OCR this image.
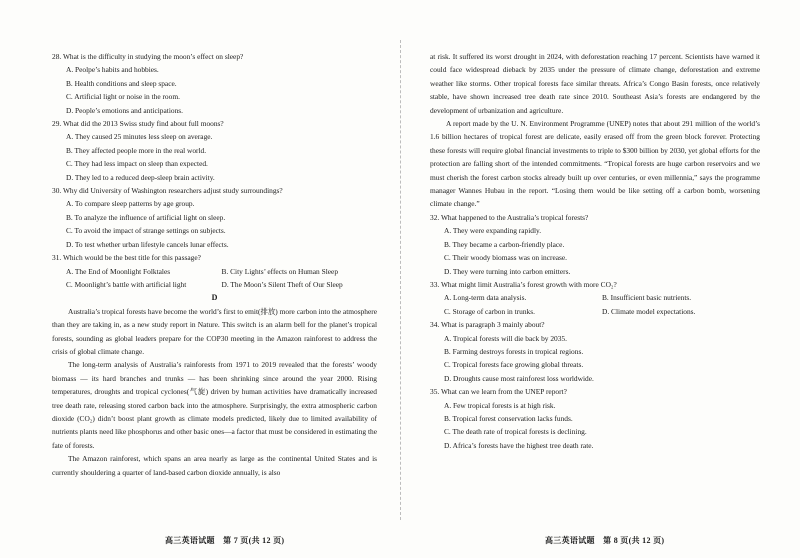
28. What is the difficulty in studying the moon’s effect on sleep?

A. Peolpe’s habits and hobbies.

B. Health conditions and sleep space.

C. Artificial light or noise in the room.

D. People’s emotions and anticipations.

29. What did the 2013 Swiss study find about full moons?

A. They caused 25 minutes less sleep on average.

B. They affected people more in the real world.

C. They had less impact on sleep than expected.

D. They led to a reduced deep-sleep brain activity.

30. Why did University of Washington researchers adjust study surroundings?

A. To compare sleep patterns by age group.

B. To analyze the influence of artificial light on sleep.

C. To avoid the impact of strange settings on subjects.

D. To test whether urban lifestyle cancels lunar effects.

31. Which would be the best title for this passage?

A. The End of Moonlight Folktales	B. City Lights’ effects on Human Sleep

C. Moonlight’s battle with artificial light	D. The Moon’s Silent Theft of Our Sleep

D

Australia’s tropical forests have become the world’s first to emit(排放) more carbon into the atmosphere than they are taking in, as a new study report in Nature. This switch is an alarm bell for the planet’s tropical forests, sounding as global leaders prepare for the COP30 meeting in the Amazon rainforest to address the crisis of global climate change.

The long-term analysis of Australia’s rainforests from 1971 to 2019 revealed that the forests’ woody biomass — its hard branches and trunks — has been shrinking since around the year 2000. Rising temperatures, droughts and tropical cyclones(气旋) driven by human activities have dramatically increased tree death rate, releasing stored carbon back into the atmosphere. Surprisingly, the extra atmospheric carbon dioxide (CO₂) didn’t boost plant growth as climate models predicted, likely due to limited availability of nutrients plants need like phosphorus and other basic ones—a factor that must be considered in estimating the fate of forests.

The Amazon rainforest, which spans an area nearly as large as the continental United States and is currently shouldering a quarter of land-based carbon dioxide annually, is also

at risk. It suffered its worst drought in 2024, with deforestation reaching 17 percent. Scientists have warned it could face widespread dieback by 2035 under the pressure of climate change, deforestation and extreme weather like storms. Other tropical forests face similar threats. Africa’s Congo Basin forests, once relatively stable, have shown increased tree death rate since 2010. Southeast Asia’s forests are endangered by the development of urbanization and agriculture.

A report made by the U. N. Environment Programme (UNEP) notes that about 291 million of the world’s 1.6 billion hectares of tropical forest are delicate, easily erased off from the green block forever. Protecting these forests will require global financial investments to triple to $300 billion by 2030, yet global efforts for the protection are falling short of the intended commitments. “Tropical forests are huge carbon reservoirs and we must cherish the forest carbon stocks already built up over centuries, or even millennia,” says the programme manager Wannes Hubau in the report. “Losing them would be like setting off a carbon bomb, worsening climate change.”

32. What happened to the Australia’s tropical forests?

A. They were expanding rapidly.

B. They became a carbon-friendly place.

C. Their woody biomass was on increase.

D. They were turning into carbon emitters.

33. What might limit Australia’s forest growth with more CO₂?

A. Long-term data analysis.	B. Insufficient basic nutrients.

C. Storage of carbon in trunks.	D. Climate model expectations.

34. What is paragraph 3 mainly about?

A. Tropical forests will die back by 2035.

B. Farming destroys forests in tropical regions.

C. Tropical forests face growing global threats.

D. Droughts cause most rainforest loss worldwide.

35. What can we learn from the UNEP report?

A. Few tropical forests is at high risk.

B. Tropical forest conservation lacks funds.

C. The death rate of tropical forests is declining.

D. Africa’s forests have the highest tree death rate.

高三英语试题　第 7 页(共 12 页)	高三英语试题　第 8 页(共 12 页)
